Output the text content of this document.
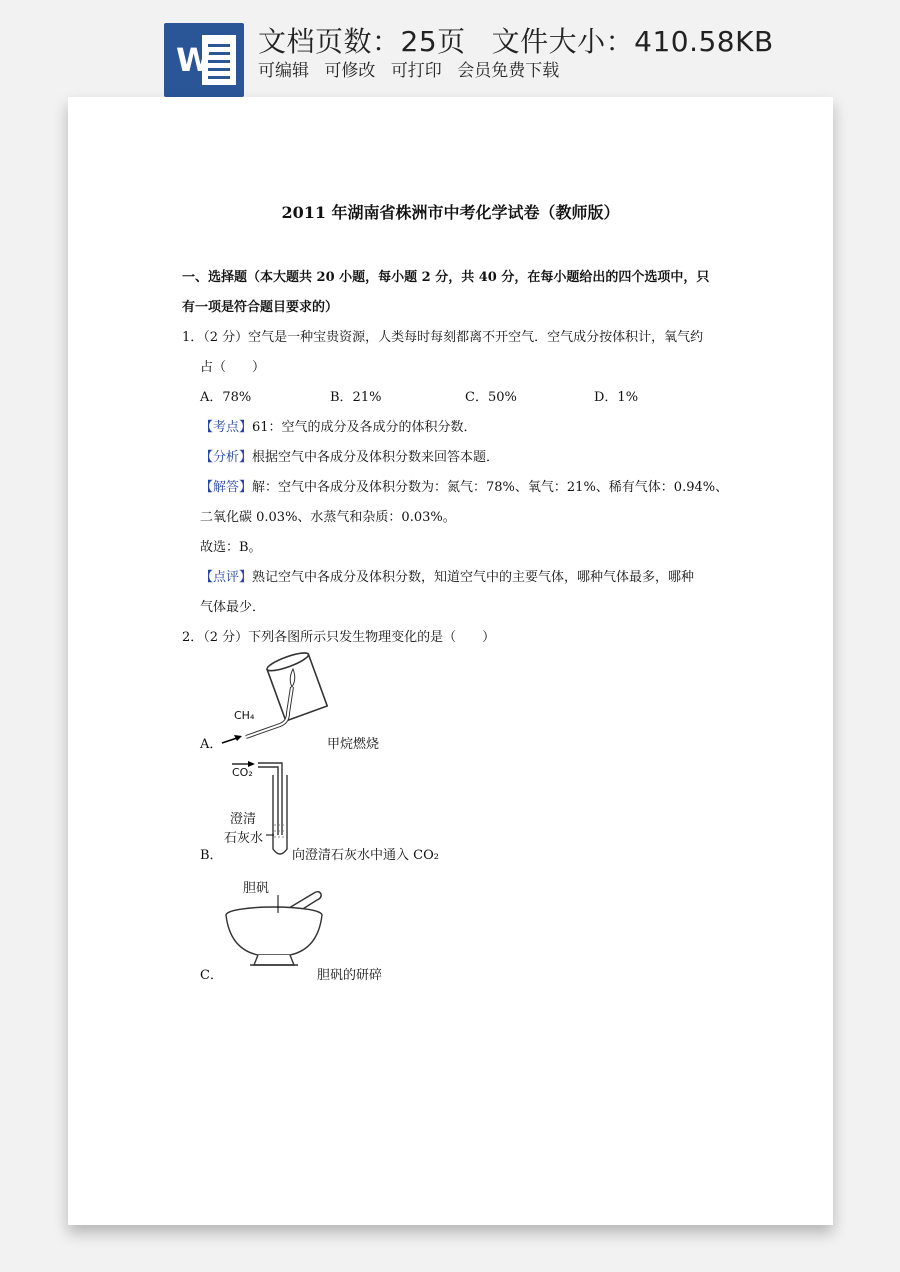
W 文档页数：25页 文件大小：410.58KB
可编辑 可修改 可打印 会员免费下载
2011 年湖南省株洲市中考化学试卷（教师版）
一、选择题（本大题共 20 小题，每小题 2 分，共 40 分，在每小题给出的四个选项中，只
有一项是符合题目要求的）
1．（2 分）空气是一种宝贵资源，人类每时每刻都离不开空气．空气成分按体积计，氧气约
占（　　）
A．78%	B．21%	C．50%	D．1%
【考点】61：空气的成分及各成分的体积分数．
【分析】根据空气中各成分及体积分数来回答本题．
【解答】解：空气中各成分及体积分数为：氮气：78%、氧气：21%、稀有气体：0.94%、
二氧化碳 0.03%、水蒸气和杂质：0.03%。
故选：B。
【点评】熟记空气中各成分及体积分数，知道空气中的主要气体，哪种气体最多，哪种
气体最少．
2．（2 分）下列各图所示只发生物理变化的是（　　）
A．
CH₄
甲烷燃烧
B．
CO₂
澄清
石灰水
向澄清石灰水中通入 CO₂
C．
胆矾
胆矾的研碎
